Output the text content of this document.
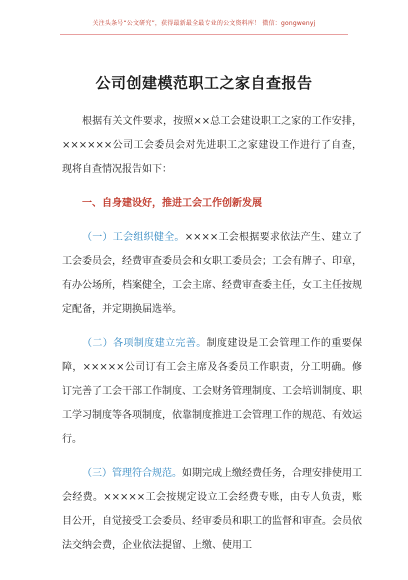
关注头条号“公文研究”，获得最新最全最专业的公文资料库！ 微信：gongwenyj
公司创建模范职工之家自查报告

根据有关文件要求，按照××总工会建设职工之家的工作安排，××××××公司工会委员会对先进职工之家建设工作进行了自查，现将自查情况报告如下：

一、自身建设好，推进工会工作创新发展

（一）工会组织健全。××××工会根据要求依法产生、建立了工会委员会，经费审查委员会和女职工委员会；工会有牌子、印章，有办公场所，档案健全，工会主席、经费审查委主任，女工主任按规定配备，并定期换届选举。

（二）各项制度建立完善。制度建设是工会管理工作的重要保障，×××××公司订有工会主席及各委员工作职责，分工明确。修订完善了工会干部工作制度、工会财务管理制度、工会培训制度、职工学习制度等各项制度，依靠制度推进工会管理工作的规范、有效运行。

（三）管理符合规范。如期完成上缴经费任务，合理安排使用工会经费。×××××工会按规定设立工会经费专账，由专人负责，账目公开，自觉接受工会委员、经审委员和职工的监督和审查。会员依法交纳会费，企业依法提留、上缴、使用工
